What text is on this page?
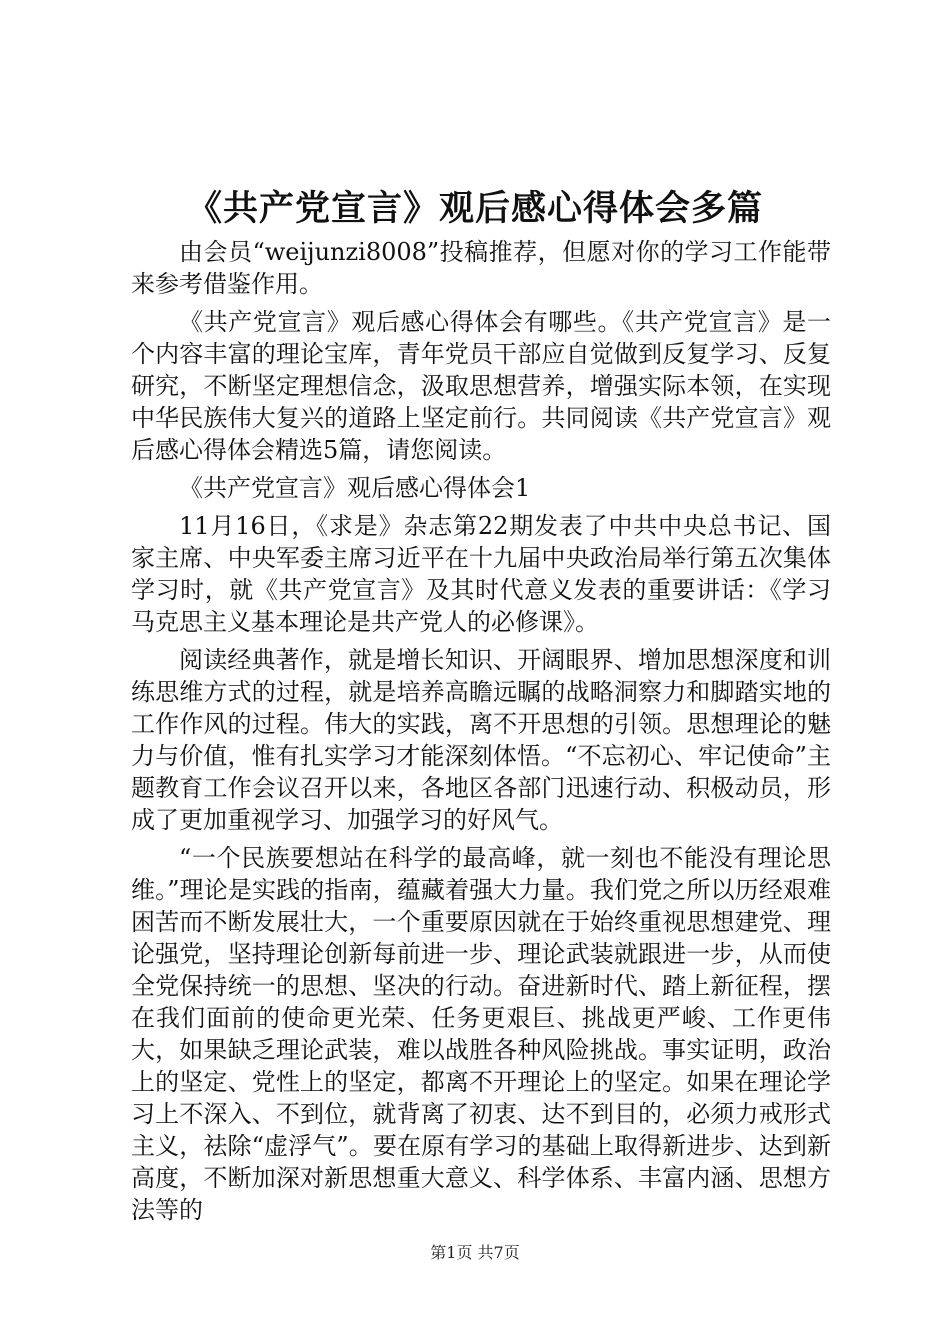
《共产党宣言》观后感心得体会多篇

由会员“weijunzi8008”投稿推荐，但愿对你的学习工作能带来参考借鉴作用。

《共产党宣言》观后感心得体会有哪些。《共产党宣言》是一个内容丰富的理论宝库，青年党员干部应自觉做到反复学习、反复研究，不断坚定理想信念，汲取思想营养，增强实际本领，在实现中华民族伟大复兴的道路上坚定前行。共同阅读《共产党宣言》观后感心得体会精选5篇，请您阅读。

《共产党宣言》观后感心得体会1

11月16日，《求是》杂志第22期发表了中共中央总书记、国家主席、中央军委主席习近平在十九届中央政治局举行第五次集体学习时，就《共产党宣言》及其时代意义发表的重要讲话：《学习马克思主义基本理论是共产党人的必修课》。

阅读经典著作，就是增长知识、开阔眼界、增加思想深度和训练思维方式的过程，就是培养高瞻远瞩的战略洞察力和脚踏实地的工作作风的过程。伟大的实践，离不开思想的引领。思想理论的魅力与价值，惟有扎实学习才能深刻体悟。“不忘初心、牢记使命”主题教育工作会议召开以来，各地区各部门迅速行动、积极动员，形成了更加重视学习、加强学习的好风气。

“一个民族要想站在科学的最高峰，就一刻也不能没有理论思维。”理论是实践的指南，蕴藏着强大力量。我们党之所以历经艰难困苦而不断发展壮大，一个重要原因就在于始终重视思想建党、理论强党，坚持理论创新每前进一步、理论武装就跟进一步，从而使全党保持统一的思想、坚决的行动。奋进新时代、踏上新征程，摆在我们面前的使命更光荣、任务更艰巨、挑战更严峻、工作更伟大，如果缺乏理论武装，难以战胜各种风险挑战。事实证明，政治上的坚定、党性上的坚定，都离不开理论上的坚定。如果在理论学习上不深入、不到位，就背离了初衷、达不到目的，必须力戒形式主义，祛除“虚浮气”。要在原有学习的基础上取得新进步、达到新高度，不断加深对新思想重大意义、科学体系、丰富内涵、思想方法等的

第1页 共7页
